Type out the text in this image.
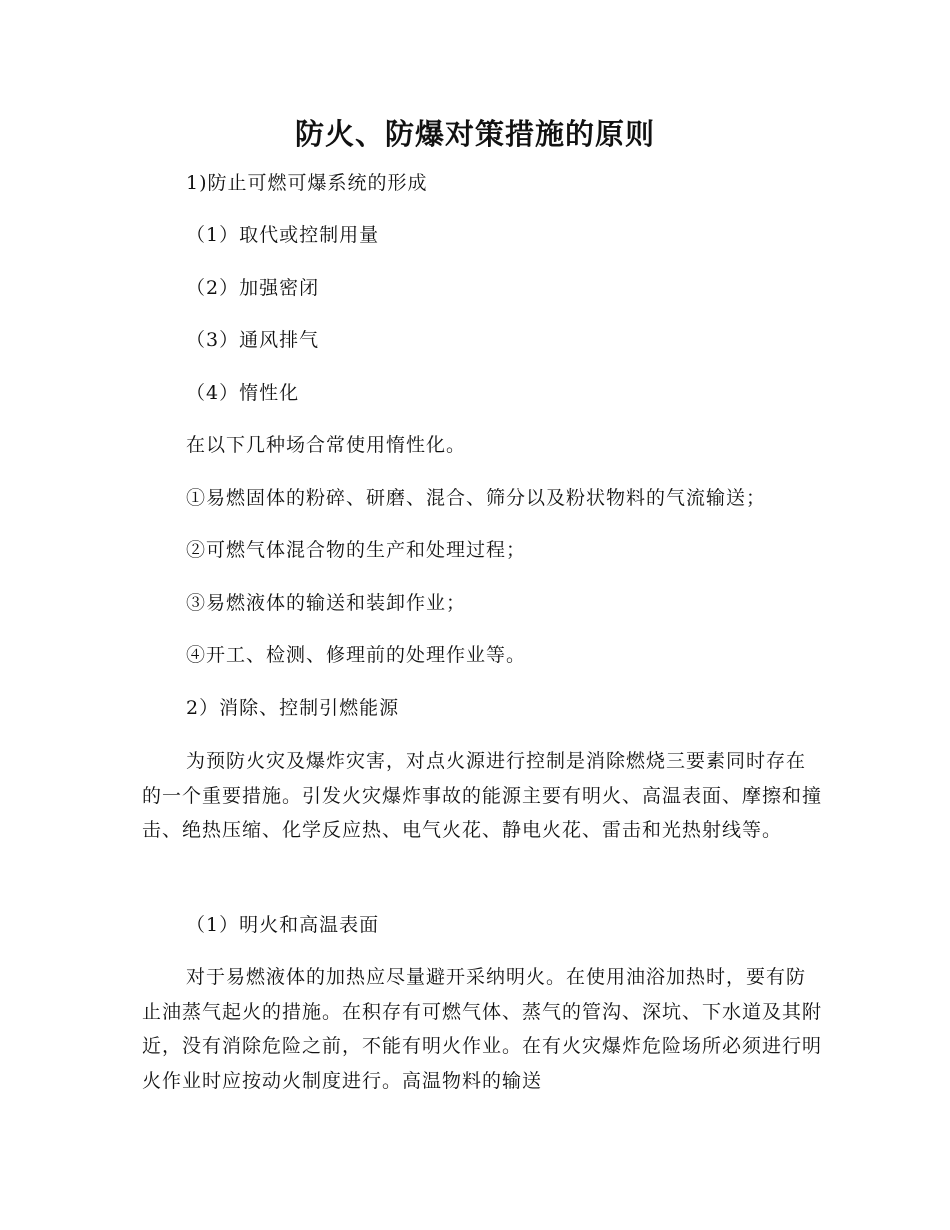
防火、防爆对策措施的原则
1)防止可燃可爆系统的形成
（1）取代或控制用量
（2）加强密闭
（3）通风排气
（4）惰性化
在以下几种场合常使用惰性化。
①易燃固体的粉碎、研磨、混合、筛分以及粉状物料的气流输送；
②可燃气体混合物的生产和处理过程；
③易燃液体的输送和装卸作业；
④开工、检测、修理前的处理作业等。
2）消除、控制引燃能源

为预防火灾及爆炸灾害，对点火源进行控制是消除燃烧三要素同时存在的一个重要措施。引发火灾爆炸事故的能源主要有明火、高温表面、摩擦和撞击、绝热压缩、化学反应热、电气火花、静电火花、雷击和光热射线等。

（1）明火和高温表面

对于易燃液体的加热应尽量避开采纳明火。在使用油浴加热时，要有防止油蒸气起火的措施。在积存有可燃气体、蒸气的管沟、深坑、下水道及其附近，没有消除危险之前，不能有明火作业。在有火灾爆炸危险场所必须进行明火作业时应按动火制度进行。高温物料的输送
